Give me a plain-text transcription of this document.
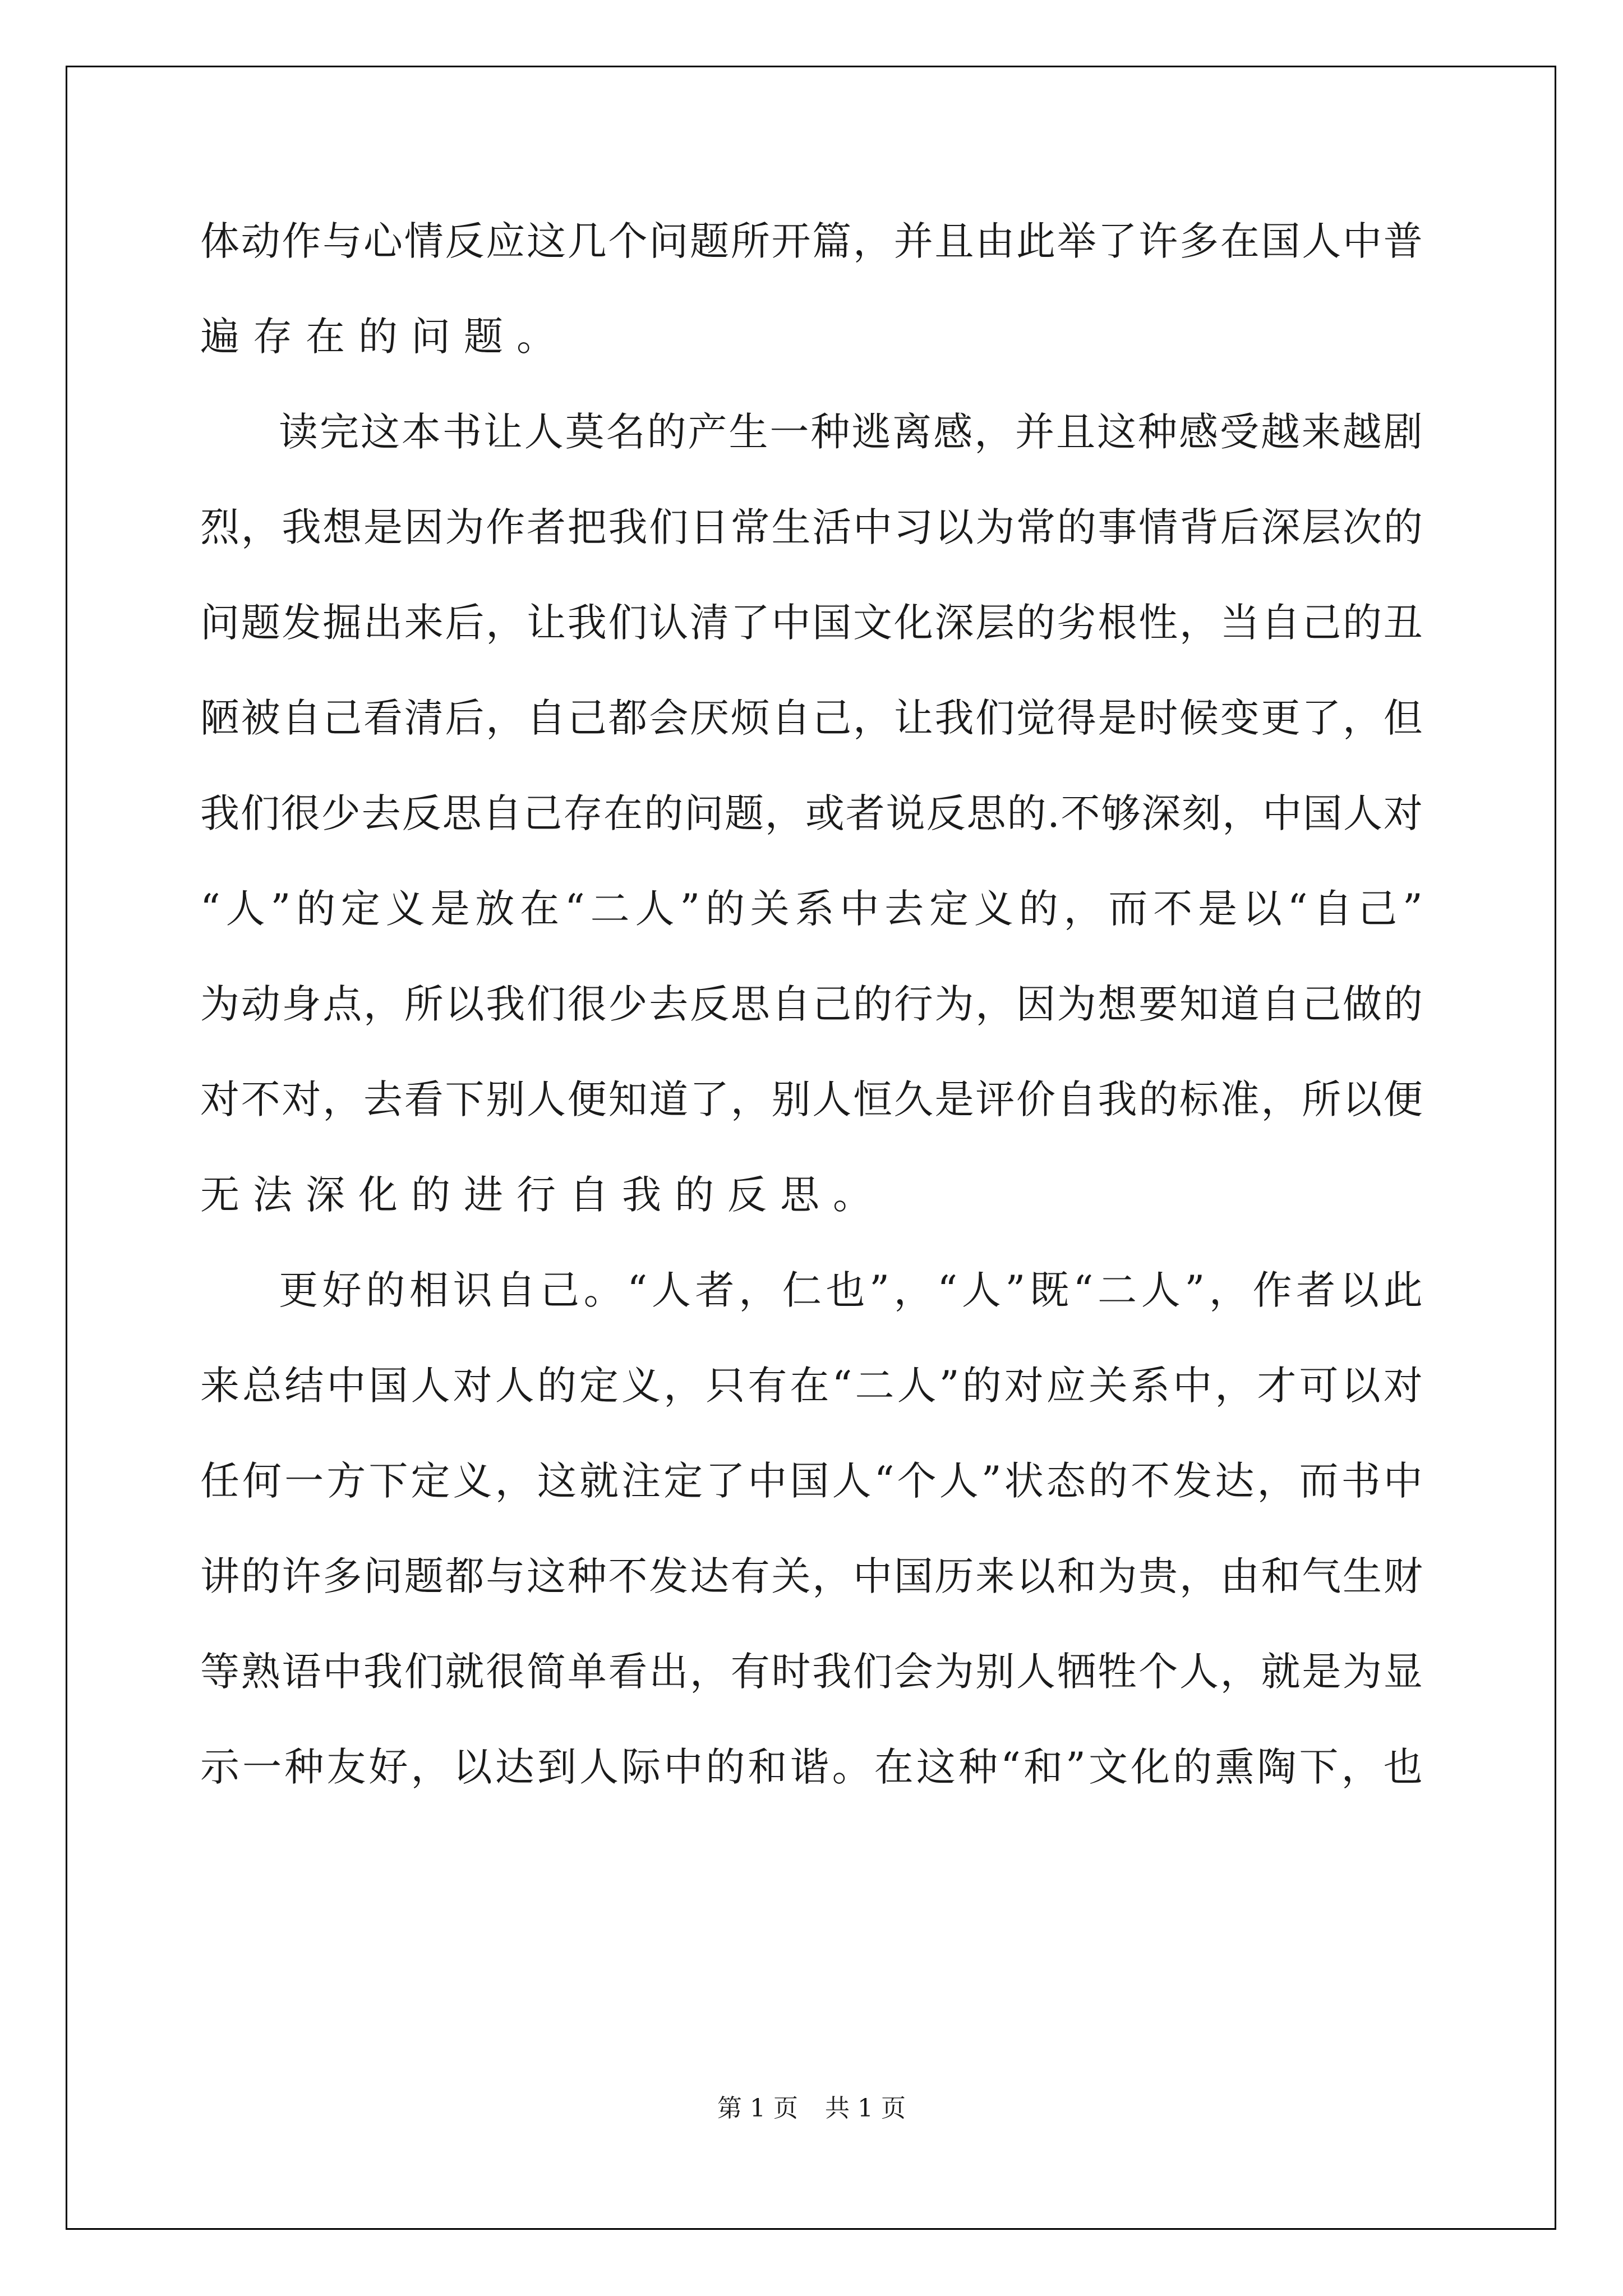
体 动 作 与 心 情 反 应 这 几 个 问 题 所 开 篇 ， 并 且 由 此 举 了 许 多 在 国 人 中 普
遍 存 在 的 问 题 。
读 完 这 本 书 让 人 莫 名 的 产 生 一 种 逃 离 感 ， 并 且 这 种 感 受 越 来 越 剧
烈 ， 我 想 是 因 为 作 者 把 我 们 日 常 生 活 中 习 以 为 常 的 事 情 背 后 深 层 次 的
问 题 发 掘 出 来 后 ， 让 我 们 认 清 了 中 国 文 化 深 层 的 劣 根 性 ， 当 自 己 的 丑
陋 被 自 己 看 清 后 ， 自 己 都 会 厌 烦 自 己 ， 让 我 们 觉 得 是 时 候 变 更 了 ， 但
我 们 很 少 去 反 思 自 己 存 在 的 问 题 ， 或 者 说 反 思 的 . 不 够 深 刻 ， 中 国 人 对
“ 人 ” 的 定 义 是 放 在 “ 二 人 ” 的 关 系 中 去 定 义 的 ， 而 不 是 以 “ 自 己 ”
为 动 身 点 ， 所 以 我 们 很 少 去 反 思 自 己 的 行 为 ， 因 为 想 要 知 道 自 己 做 的
对 不 对 ， 去 看 下 别 人 便 知 道 了 ， 别 人 恒 久 是 评 价 自 我 的 标 准 ， 所 以 便
无 法 深 化 的 进 行 自 我 的 反 思 。
更 好 的 相 识 自 己 。 “ 人 者 ， 仁 也 ” ， “ 人 ” 既 “ 二 人 ” ， 作 者 以 此
来 总 结 中 国 人 对 人 的 定 义 ， 只 有 在 “ 二 人 ” 的 对 应 关 系 中 ， 才 可 以 对
任 何 一 方 下 定 义 ， 这 就 注 定 了 中 国 人 “ 个 人 ” 状 态 的 不 发 达 ， 而 书 中
讲 的 许 多 问 题 都 与 这 种 不 发 达 有 关 ， 中 国 历 来 以 和 为 贵 ， 由 和 气 生 财
等 熟 语 中 我 们 就 很 简 单 看 出 ， 有 时 我 们 会 为 别 人 牺 牲 个 人 ， 就 是 为 显
示 一 种 友 好 ， 以 达 到 人 际 中 的 和 谐 。 在 这 种 “ 和 ” 文 化 的 熏 陶 下 ， 也
第 1 页 共 1 页
